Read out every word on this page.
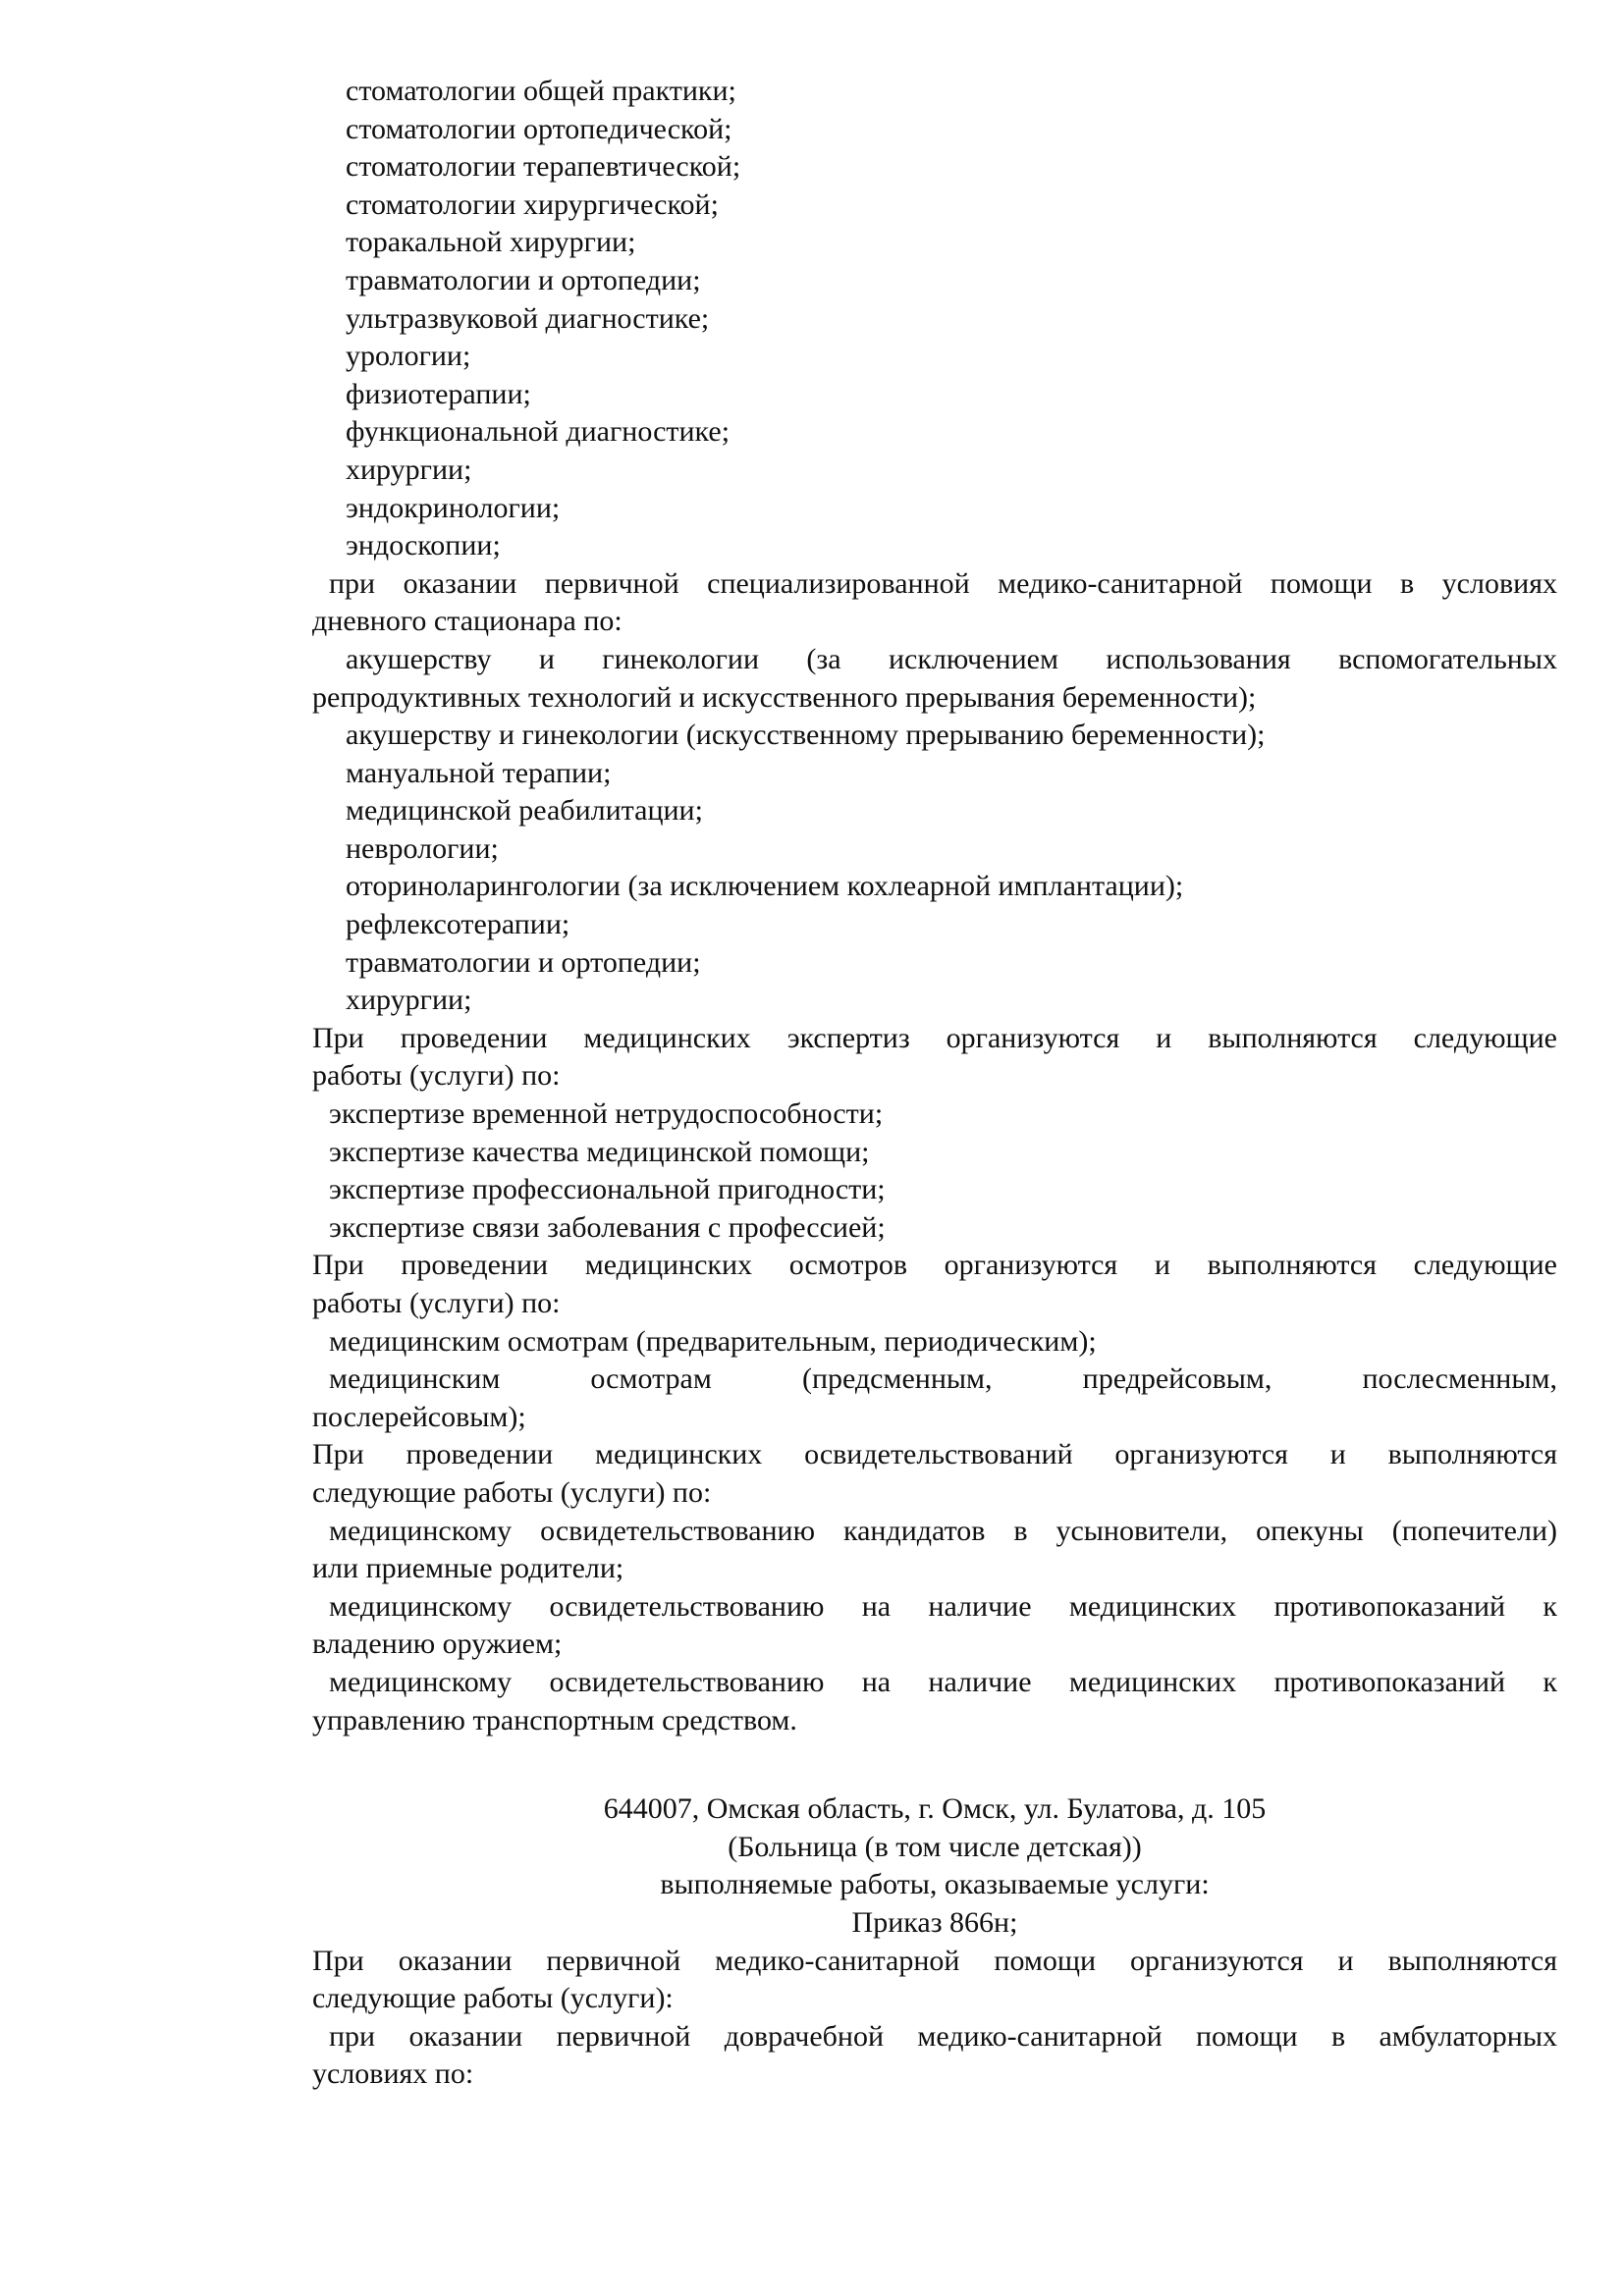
стоматологии общей практики;
стоматологии ортопедической;
стоматологии терапевтической;
стоматологии хирургической;
торакальной хирургии;
травматологии и ортопедии;
ультразвуковой диагностике;
урологии;
физиотерапии;
функциональной диагностике;
хирургии;
эндокринологии;
эндоскопии;
при оказании первичной специализированной медико-санитарной помощи в условиях
дневного стационара по:
акушерству и гинекологии (за исключением использования вспомогательных
репродуктивных технологий и искусственного прерывания беременности);
акушерству и гинекологии (искусственному прерыванию беременности);
мануальной терапии;
медицинской реабилитации;
неврологии;
оториноларингологии (за исключением кохлеарной имплантации);
рефлексотерапии;
травматологии и ортопедии;
хирургии;
При проведении медицинских экспертиз организуются и выполняются следующие
работы (услуги) по:
экспертизе временной нетрудоспособности;
экспертизе качества медицинской помощи;
экспертизе профессиональной пригодности;
экспертизе связи заболевания с профессией;
При проведении медицинских осмотров организуются и выполняются следующие
работы (услуги) по:
медицинским осмотрам (предварительным, периодическим);
медицинским осмотрам (предсменным, предрейсовым, послесменным,
послерейсовым);
При проведении медицинских освидетельствований организуются и выполняются
следующие работы (услуги) по:
медицинскому освидетельствованию кандидатов в усыновители, опекуны (попечители)
или приемные родители;
медицинскому освидетельствованию на наличие медицинских противопоказаний к
владению оружием;
медицинскому освидетельствованию на наличие медицинских противопоказаний к
управлению транспортным средством.
644007, Омская область, г. Омск, ул. Булатова, д. 105
(Больница (в том числе детская))
выполняемые работы, оказываемые услуги:
Приказ 866н;
При оказании первичной медико-санитарной помощи организуются и выполняются
следующие работы (услуги):
при оказании первичной доврачебной медико-санитарной помощи в амбулаторных
условиях по:
